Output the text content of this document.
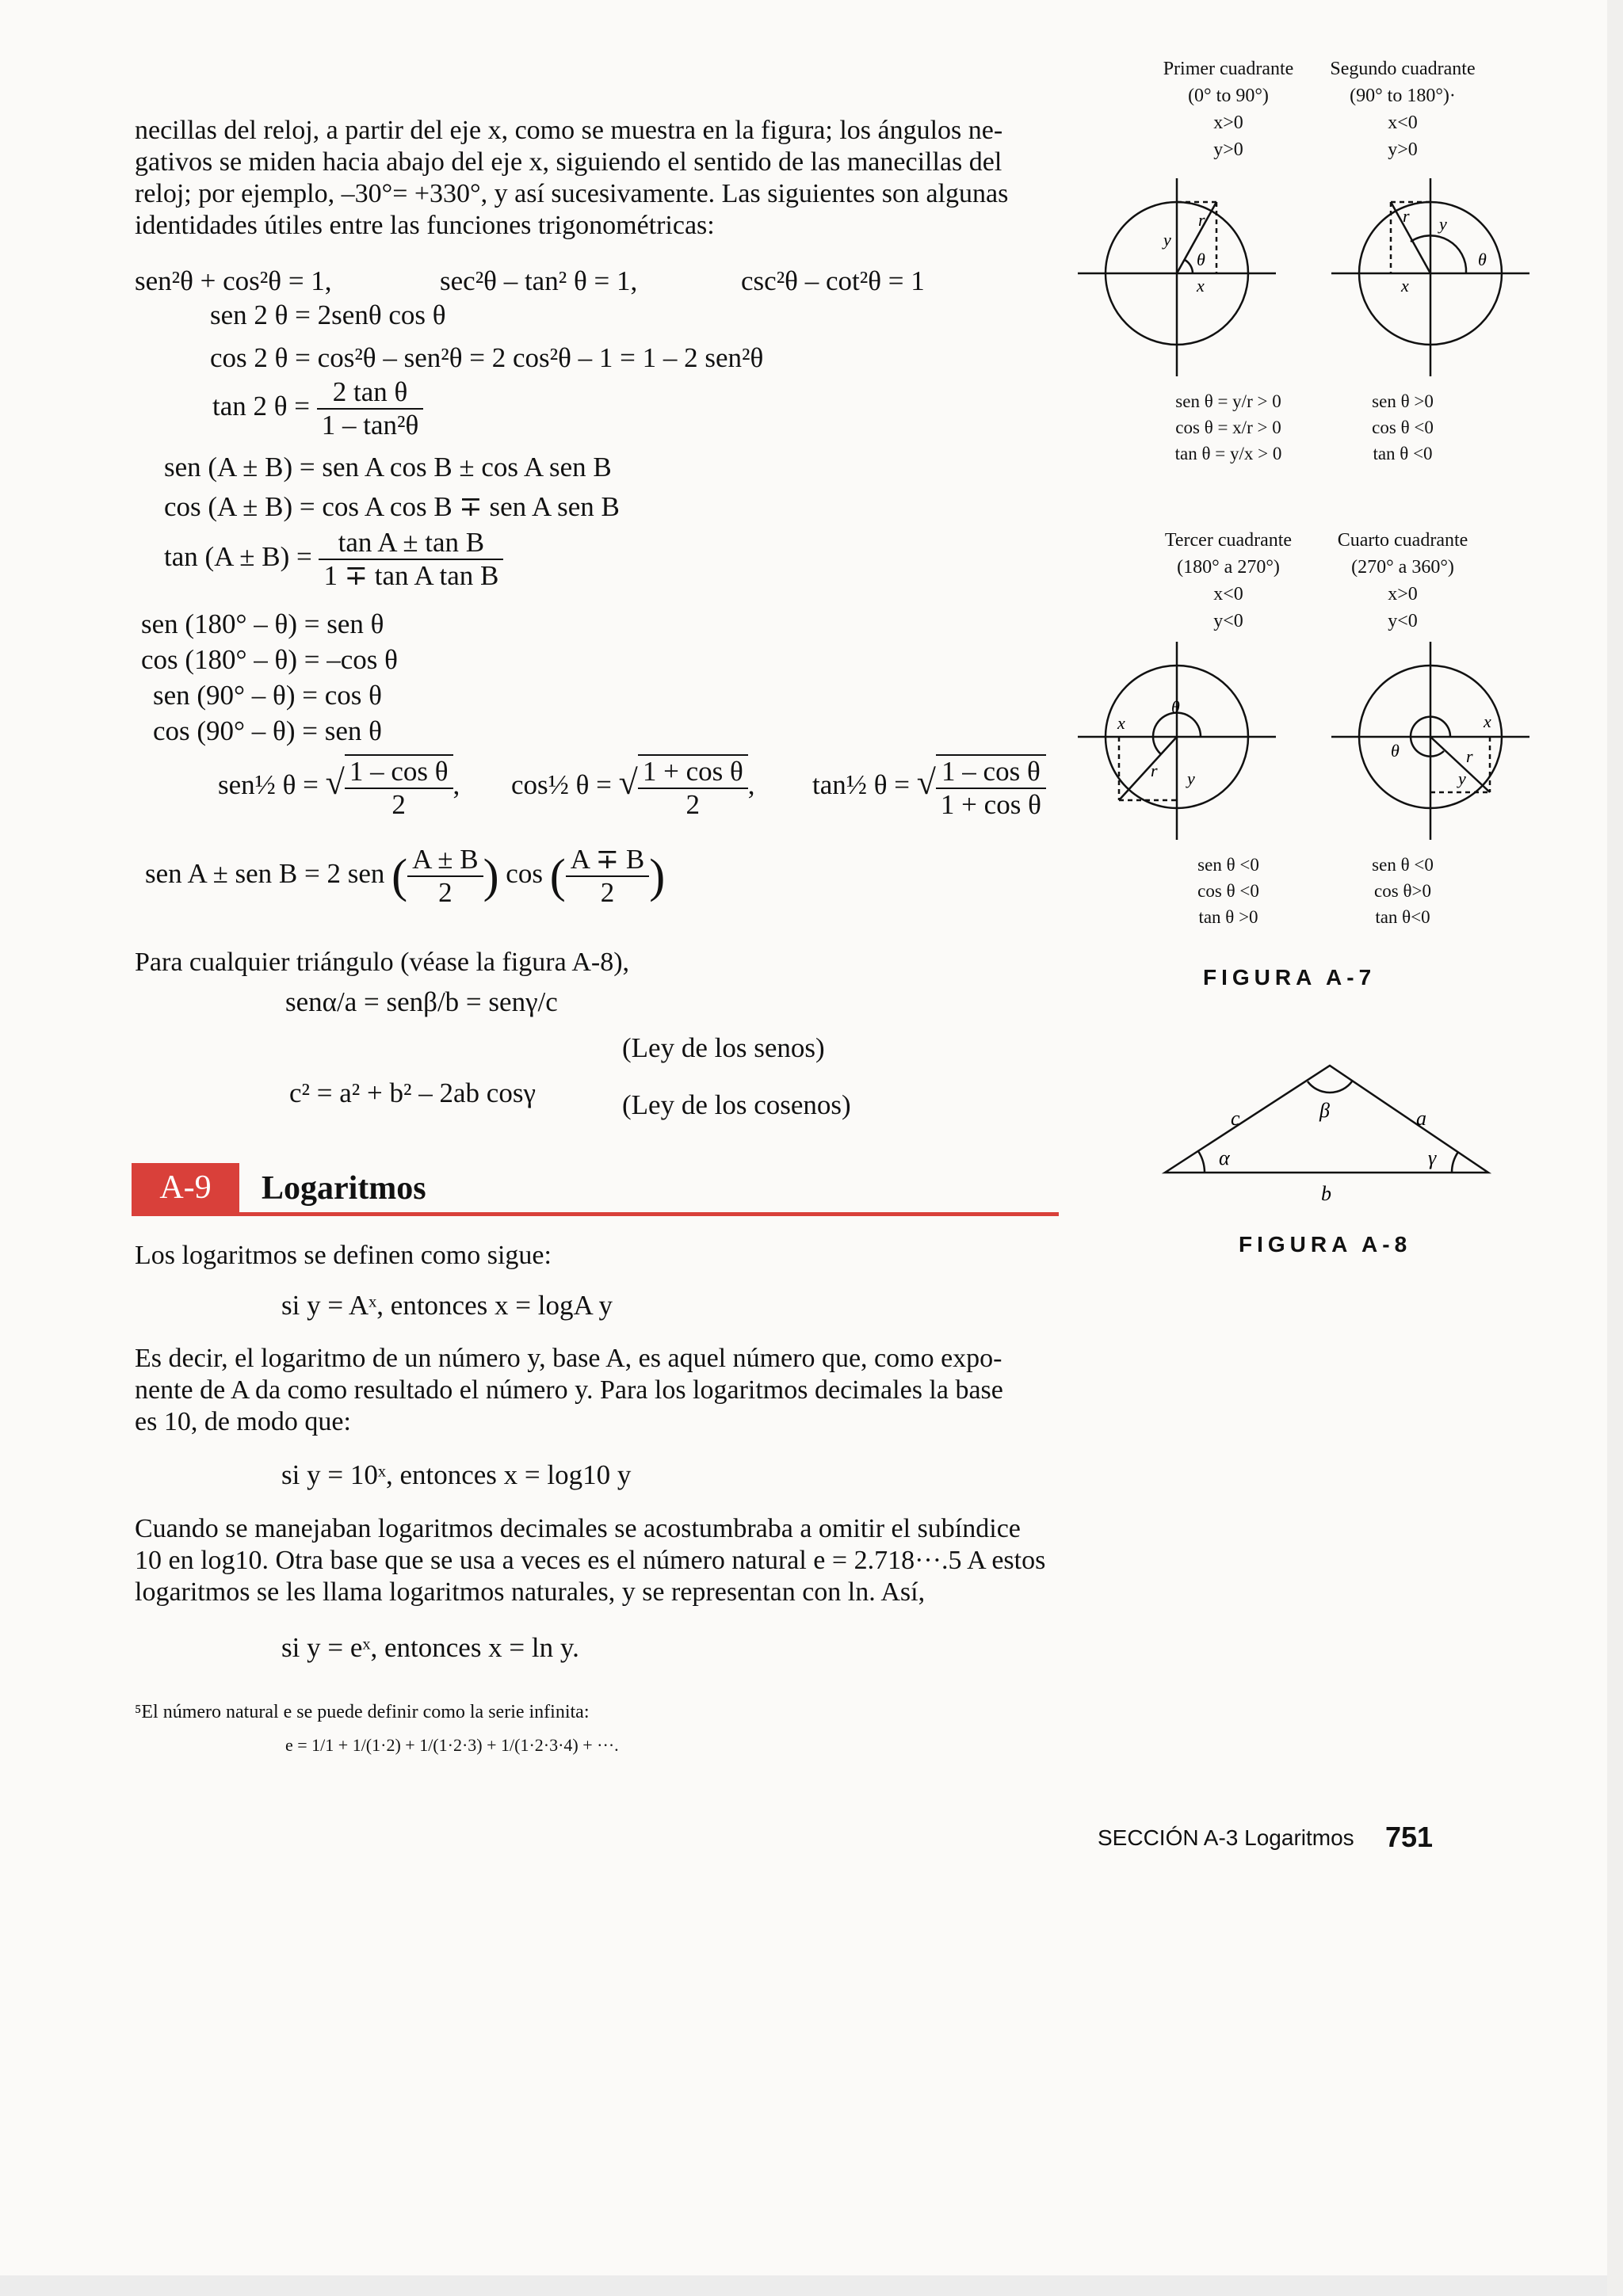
necillas del reloj, a partir del eje x, como se muestra en la figura; los ángulos ne-
gativos se miden hacia abajo del eje x, siguiendo el sentido de las manecillas del
reloj; por ejemplo, –30°= +330°, y así sucesivamente. Las siguientes son algunas
identidades útiles entre las funciones trigonométricas:
sen²θ + cos²θ = 1,	sec²θ – tan² θ = 1,	csc²θ – cot²θ = 1
sen 2 θ = 2senθ cos θ
cos 2 θ = cos²θ – sen²θ = 2 cos²θ – 1 = 1 – 2 sen²θ
tan 2 $\theta = \frac{\text{2 tan θ}}{\text{1 – tan²θ}}$
sen (A ± B) = sen A cos B ± cos A sen B
cos (A ± B) = cos A cos B ∓ sen A sen B
$\tan (A \pm B) = \frac{\text{tan A ± tan B}}{\text{1 ∓ tan A tan B}}$
sen (180° – θ) = sen θ
cos (180° – θ) = –cos θ
sen (90° – θ) = cos θ
cos (90° – θ) = sen θ
sen½ θ = √ $\frac{\text{1 – cos θ}}{2}$ , cos½ θ = √ $\frac{\text{1 + cos θ}}{2}$ , tan½ θ = √ $\frac{\text{1 – cos θ}}{\text{1 + cos θ}}$
sen A ± sen B = 2 sen ( $\frac{A \pm B}{2}$ ) cos ( $\frac{A \mp B}{2}$ )
Para cualquier triángulo (véase la figura A-8),
senα/a = senβ/b = senγ/c
(Ley de los senos)
c² = a² + b² – 2ab cosγ	(Ley de los cosenos)
A-9	Logaritmos
Los logaritmos se definen como sigue:
si y = Aˣ, entonces x = logA y
Es decir, el logaritmo de un número y, base A, es aquel número que, como expo-
nente de A da como resultado el número y. Para los logaritmos decimales la base
es 10, de modo que:
si y = 10ˣ, entonces x = log10 y
Cuando se manejaban logaritmos decimales se acostumbraba a omitir el subíndice
10 en log10. Otra base que se usa a veces es el número natural e = 2.718···.5 A estos
logaritmos se les llama logaritmos naturales, y se representan con ln. Así,
si y = eˣ, entonces x = ln y.
⁵El número natural e se puede definir como la serie infinita:
e = 1/1 + 1/(1·2) + 1/(1·2·3) + 1/(1·2·3·4) + ···.
Primer cuadrante
(0° to 90°)
x>0
y>0
Segundo cuadrante
(90° to 180°)·
x<0
y>0
Tercer cuadrante
(180° a 270°)
x<0
y<0
Cuarto cuadrante
(270° a 360°)
x>0
y<0
y
r
θ
x
r y
θ
x
θ
x
r y
x
θ	r
y
sen θ = y/r > 0
cos θ = x/r > 0
tan θ = y/x > 0
sen θ >0
cos θ <0
tan θ <0
sen θ <0
cos θ <0
tan θ >0
sen θ <0
cos θ>0
tan θ<0
FIGURA A-7
c	β	a
α	γ
b
FIGURA A-8
SECCIÓN A-3 Logaritmos 751
